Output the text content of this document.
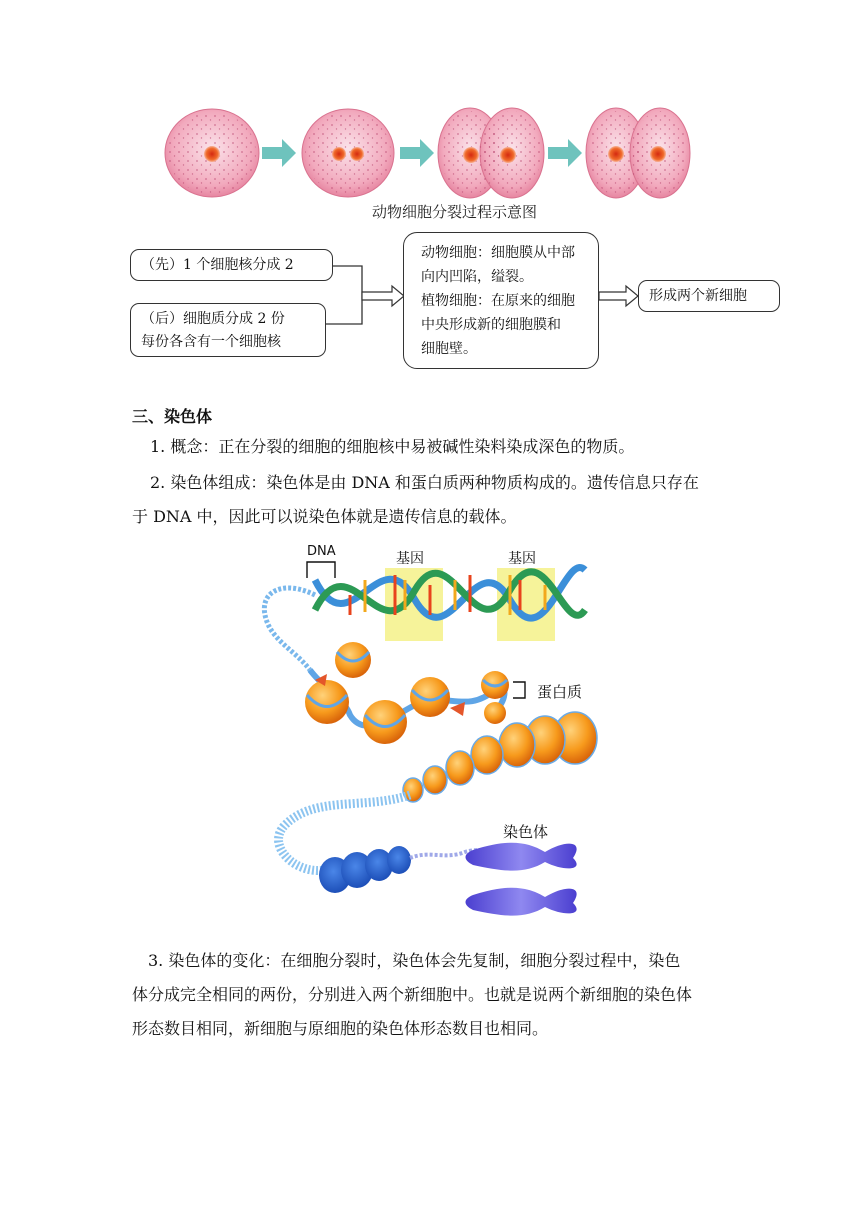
动物细胞分裂过程示意图
（先）1 个细胞核分成 2
（后）细胞质分成 2 份
每份各含有一个细胞核
动物细胞：细胞膜从中部
向内凹陷，缢裂。
植物细胞：在原来的细胞
中央形成新的细胞膜和
细胞壁。
形成两个新细胞
三、染色体
1. 概念：正在分裂的细胞的细胞核中易被碱性染料染成深色的物质。
2. 染色体组成：染色体是由 DNA 和蛋白质两种物质构成的。遗传信息只存在
于 DNA 中，因此可以说染色体就是遗传信息的载体。
DNA	基因	基因
蛋白质
染色体
3. 染色体的变化：在细胞分裂时，染色体会先复制，细胞分裂过程中，染色
体分成完全相同的两份，分别进入两个新细胞中。也就是说两个新细胞的染色体
形态数目相同，新细胞与原细胞的染色体形态数目也相同。
